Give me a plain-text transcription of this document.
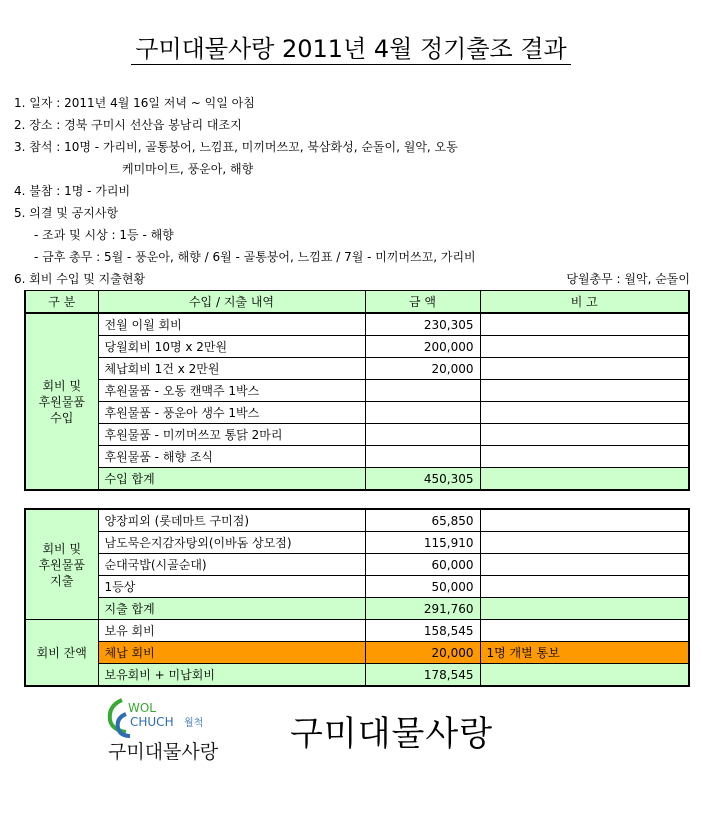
구미대물사랑 2011년 4월 정기출조 결과
1. 일자 : 2011년 4월 16일 저녁 ~ 익일 아침
2. 장소 : 경북 구미시 선산읍 봉남리 대조지
3. 참석 : 10명 - 가리비, 골통붕어, 느낌표, 미끼머쓰꼬, 북삼화성, 순돌이, 월악, 오동
케미마이트, 풍운아, 해향
4. 불참 : 1명 - 가리비
5. 의결 및 공지사항
- 조과 및 시상 : 1등 - 해향
- 금후 총무 : 5월 - 풍운아, 해향 / 6월 - 골통붕어, 느낌표 / 7월 - 미끼머쓰꼬, 가리비
6. 회비 수입 및 지출현황	당월총무 : 월악, 순돌이
구 분	수입 / 지출 내역	금 액	비 고
회비 및
후원물품
수입	전월 이월 회비	230,305	
	당월회비 10명 x 2만원	200,000	
	체납회비 1건 x 2만원	20,000	
	후원물품 - 오동 캔맥주 1박스		
	후원물품 - 풍운아 생수 1박스		
	후원물품 - 미끼머쓰꼬 통닭 2마리		
	후원물품 - 해향 조식		
	수입 합계	450,305	
회비 및
후원물품
지출	양장피외 (롯데마트 구미점)	65,850	
	남도묵은지감자탕외(이바돔 상모점)	115,910	
	순대국밥(시골순대)	60,000	
	1등상	50,000	
	지출 합계	291,760	
회비 잔액	보유 회비	158,545	
	체납 회비	20,000	1명 개별 통보
	보유회비 + 미납회비	178,545	
WOL
CHUCH 월척
구미대물사랑 구미대물사랑
